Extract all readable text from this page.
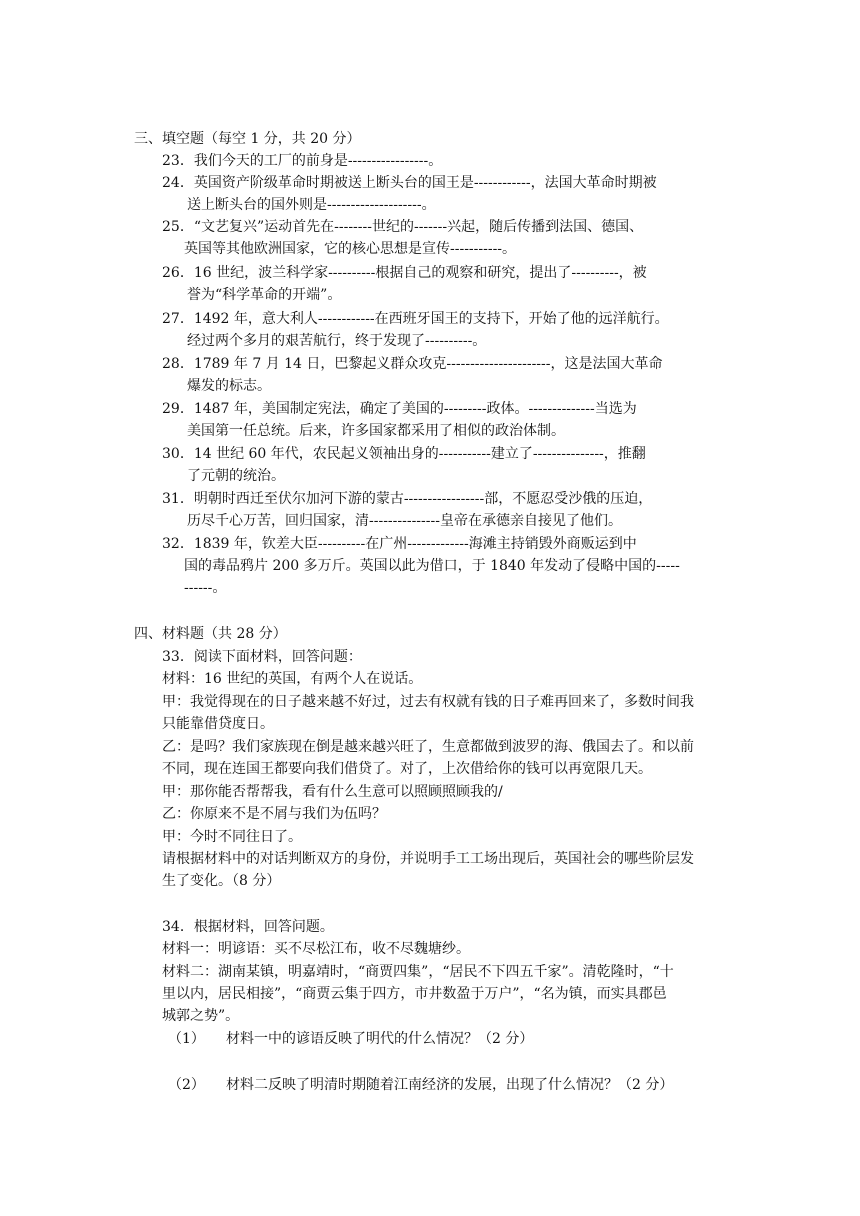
三、填空题（每空 1 分，共 20 分）
23．我们今天的工厂的前身是-----------------。
24．英国资产阶级革命时期被送上断头台的国王是------------，法国大革命时期被
送上断头台的国外则是--------------------。
25．“文艺复兴”运动首先在--------世纪的-------兴起，随后传播到法国、德国、
英国等其他欧洲国家，它的核心思想是宣传-----------。
26．16 世纪，波兰科学家----------根据自己的观察和研究，提出了----------，被
誉为“科学革命的开端”。
27．1492 年，意大利人------------在西班牙国王的支持下，开始了他的远洋航行。
经过两个多月的艰苦航行，终于发现了----------。
28．1789 年 7 月 14 日，巴黎起义群众攻克----------------------，这是法国大革命
爆发的标志。
29．1487 年，美国制定宪法，确定了美国的---------政体。--------------当选为
美国第一任总统。后来，许多国家都采用了相似的政治体制。
30．14 世纪 60 年代，农民起义领袖出身的-----------建立了---------------，推翻
了元朝的统治。
31．明朝时西迁至伏尔加河下游的蒙古-----------------部，不愿忍受沙俄的压迫，
历尽千心万苦，回归国家，清---------------皇帝在承德亲自接见了他们。
32．1839 年，钦差大臣----------在广州-------------海滩主持销毁外商贩运到中
国的毒品鸦片 200 多万斤。英国以此为借口，于 1840 年发动了侵略中国的-----
------。
四、材料题（共 28 分）
33．阅读下面材料，回答问题：
材料：16 世纪的英国，有两个人在说话。
甲：我觉得现在的日子越来越不好过，过去有权就有钱的日子难再回来了，多数时间我
只能靠借贷度日。
乙：是吗？我们家族现在倒是越来越兴旺了，生意都做到波罗的海、俄国去了。和以前
不同，现在连国王都要向我们借贷了。对了，上次借给你的钱可以再宽限几天。
甲：那你能否帮帮我，看有什么生意可以照顾照顾我的/
乙：你原来不是不屑与我们为伍吗？
甲：今时不同往日了。
请根据材料中的对话判断双方的身份，并说明手工工场出现后，英国社会的哪些阶层发
生了变化。（8 分）
34．根据材料，回答问题。
材料一：明谚语：买不尽松江布，收不尽魏塘纱。
材料二：湖南某镇，明嘉靖时，“商贾四集”，“居民不下四五千家”。清乾隆时，“十
里以内，居民相接”，“商贾云集于四方，市井数盈于万户”，“名为镇，而实具郡邑
城郭之势”。
（1） 材料一中的谚语反映了明代的什么情况？（2 分）
（2） 材料二反映了明清时期随着江南经济的发展，出现了什么情况？（2 分）
